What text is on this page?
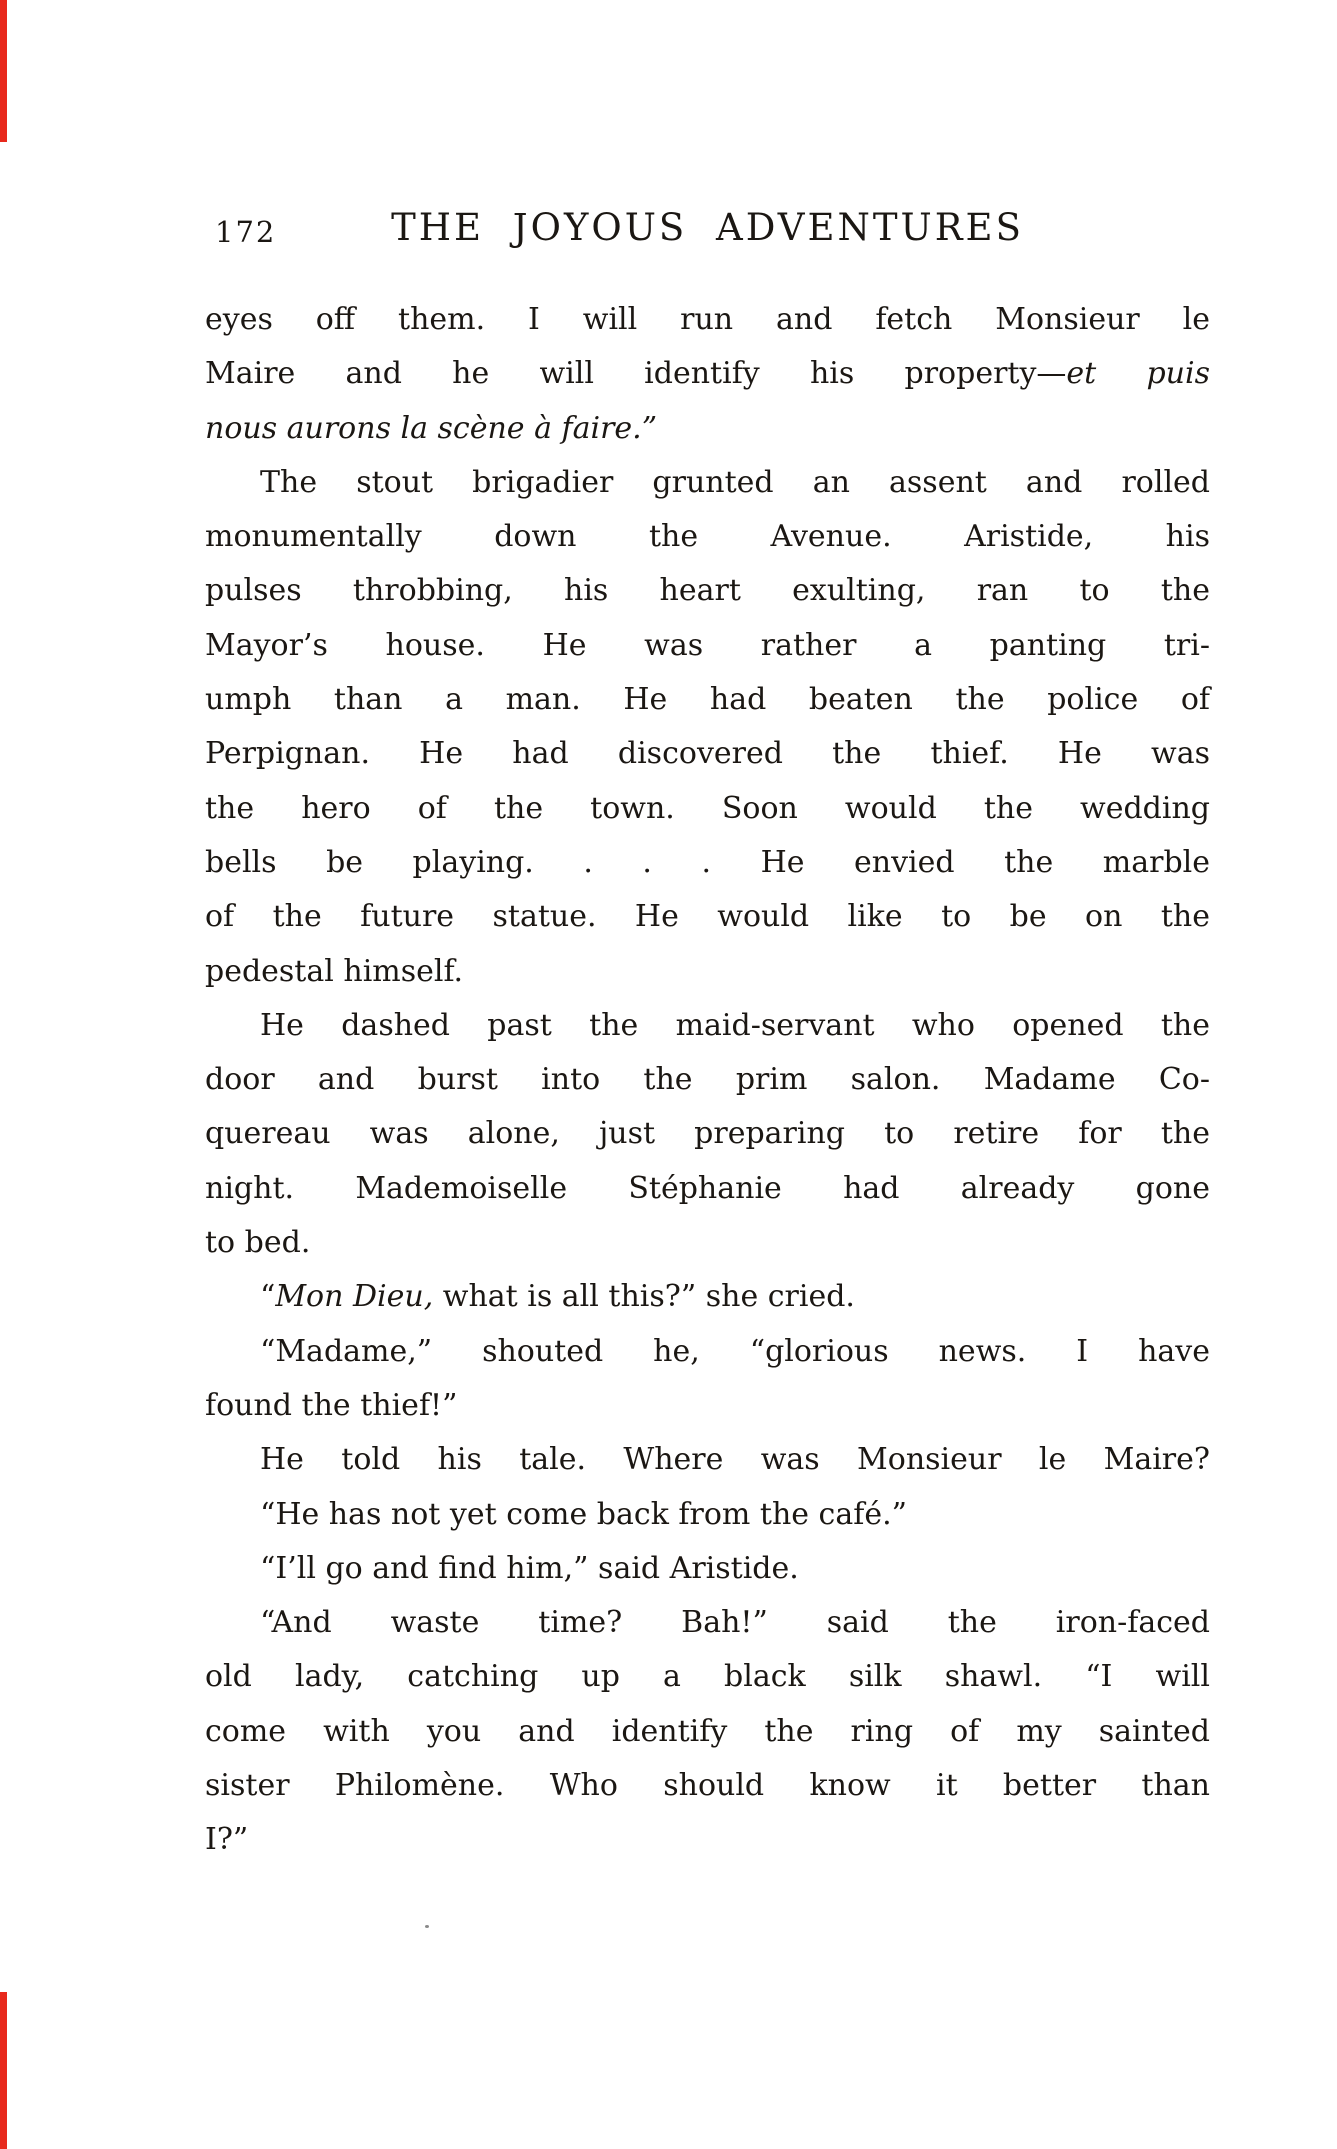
172	THE JOYOUS ADVENTURES
eyes off them. I will run and fetch Monsieur le
Maire and he will identify his property—et puis
nous aurons la scène à faire.”
The stout brigadier grunted an assent and rolled
monumentally down the Avenue. Aristide, his
pulses throbbing, his heart exulting, ran to the
Mayor’s house. He was rather a panting tri-
umph than a man. He had beaten the police of
Perpignan. He had discovered the thief. He was
the hero of the town. Soon would the wedding
bells be playing. . . . He envied the marble
of the future statue. He would like to be on the
pedestal himself.
He dashed past the maid-servant who opened the
door and burst into the prim salon. Madame Co-
quereau was alone, just preparing to retire for the
night. Mademoiselle Stéphanie had already gone
to bed.
“Mon Dieu, what is all this?” she cried.
“Madame,” shouted he, “glorious news. I have
found the thief!”
He told his tale. Where was Monsieur le Maire?
“He has not yet come back from the café.”
“I’ll go and find him,” said Aristide.
“And waste time? Bah!” said the iron-faced
old lady, catching up a black silk shawl. “I will
come with you and identify the ring of my sainted
sister Philomène. Who should know it better than
I?”
